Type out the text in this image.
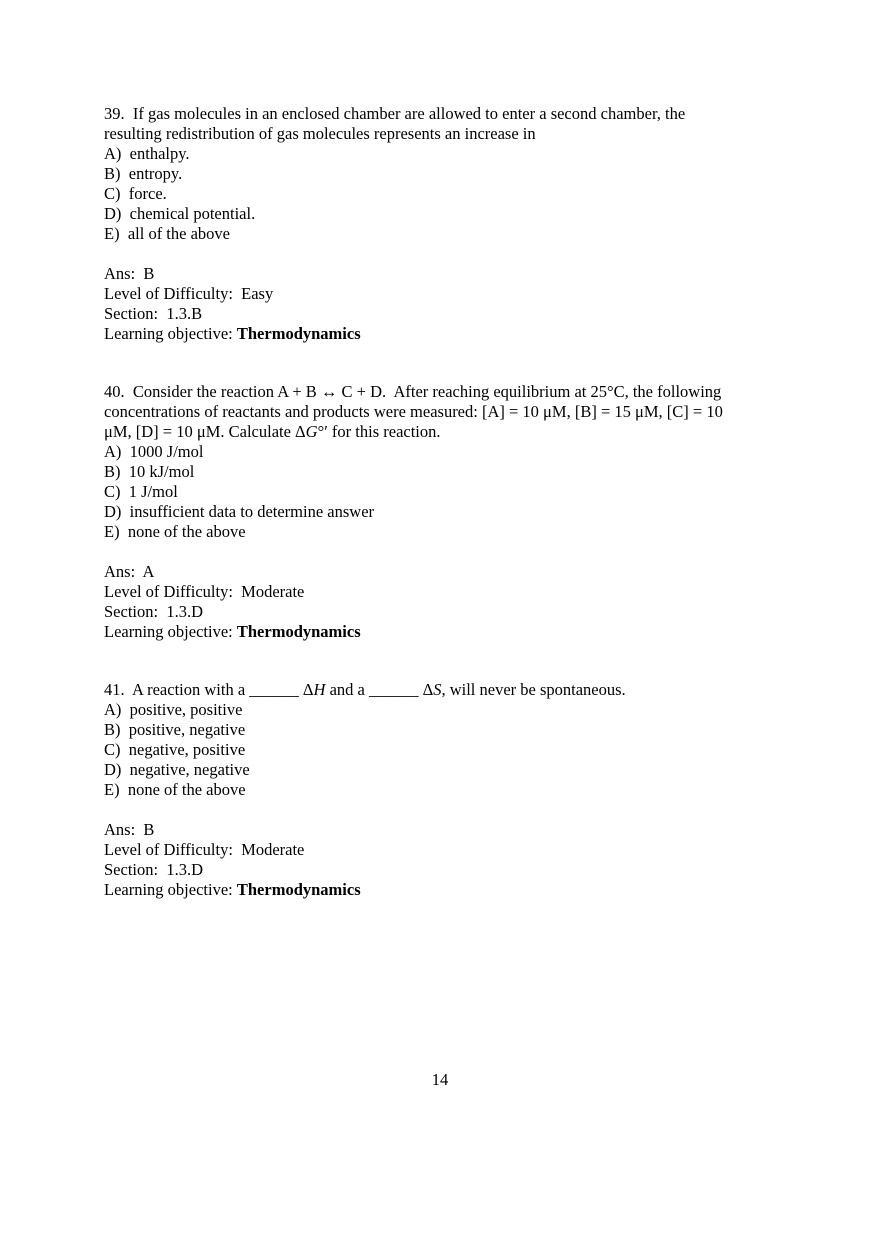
39. If gas molecules in an enclosed chamber are allowed to enter a second chamber, the
resulting redistribution of gas molecules represents an increase in
A)  enthalpy.
B)  entropy.
C)  force.
D)  chemical potential.
E)  all of the above
Ans:  B
Level of Difficulty:  Easy
Section:  1.3.B
Learning objective: Thermodynamics
40. Consider the reaction A + B ↔ C + D.  After reaching equilibrium at 25°C, the following
concentrations of reactants and products were measured: [A] = 10 μM, [B] = 15 μM, [C] = 10
μM, [D] = 10 μM. Calculate ΔG°′ for this reaction.
A)  1000 J/mol
B)  10 kJ/mol
C)  1 J/mol
D)  insufficient data to determine answer
E)  none of the above
Ans:  A
Level of Difficulty:  Moderate
Section:  1.3.D
Learning objective: Thermodynamics
41. A reaction with a ______ ΔH and a ______ ΔS, will never be spontaneous.
A)  positive, positive
B)  positive, negative
C)  negative, positive
D)  negative, negative
E)  none of the above
Ans:  B
Level of Difficulty:  Moderate
Section:  1.3.D
Learning objective: Thermodynamics
14
